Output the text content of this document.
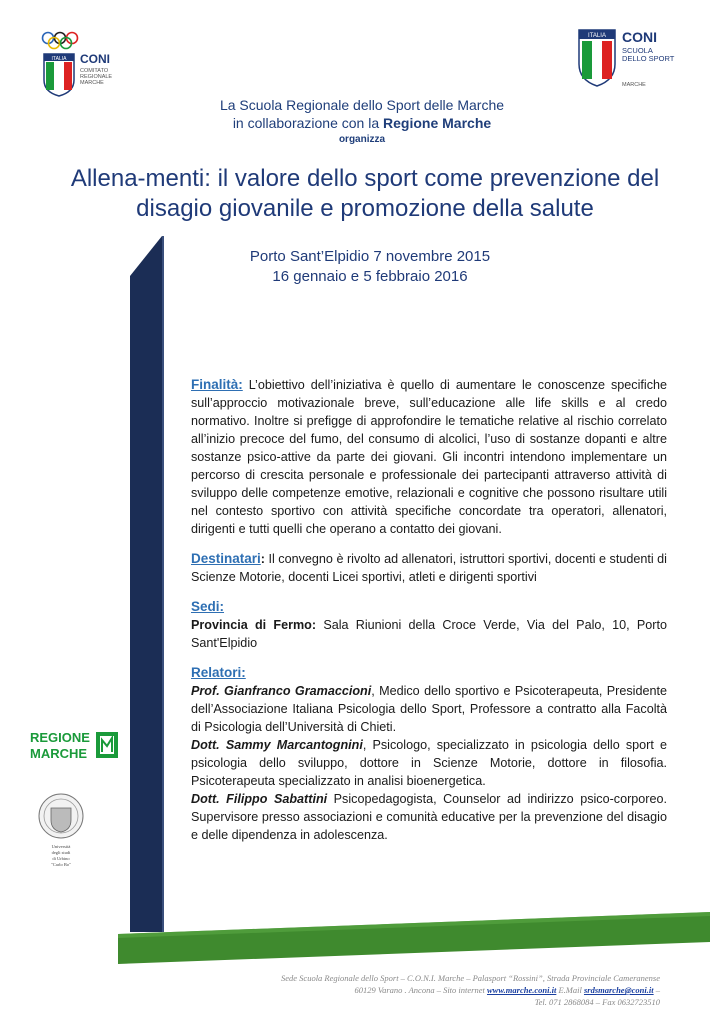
ITALIA CONI
COMITATO
REGIONALE
MARCHE
ITALIA CONI
SCUOLA
DELLO SPORT
MARCHE
La Scuola Regionale dello Sport delle Marche
in collaborazione con la Regione Marche
organizza
Allena-menti: il valore dello sport come prevenzione del
disagio giovanile e promozione della salute
Porto Sant’Elpidio 7 novembre 2015
16 gennaio e 5 febbraio 2016
Finalità: L’obiettivo dell’iniziativa è quello di aumentare le conoscenze specifiche sull’approccio motivazionale breve, sull’educazione alle life skills e al credo normativo. Inoltre si prefigge di approfondire le tematiche relative al rischio correlato all’inizio precoce del fumo, del consumo di alcolici, l’uso di sostanze dopanti e altre sostanze psico-attive da parte dei giovani. Gli incontri intendono implementare un percorso di crescita personale e professionale dei partecipanti attraverso attività di sviluppo delle competenze emotive, relazionali e cognitive che possono risultare utili nel contesto sportivo con attività specifiche concordate tra operatori, allenatori, dirigenti e tutti quelli che operano a contatto dei giovani.
Destinatari: Il convegno è rivolto ad allenatori, istruttori sportivi, docenti e studenti di Scienze Motorie, docenti Licei sportivi, atleti e dirigenti sportivi
Sedi:
Provincia di Fermo: Sala Riunioni della Croce Verde, Via del Palo, 10, Porto Sant'Elpidio
Relatori:
Prof. Gianfranco Gramaccioni, Medico dello sportivo e Psicoterapeuta, Presidente dell’Associazione Italiana Psicologia dello Sport, Professore a contratto alla Facoltà di Psicologia dell’Università di Chieti.
Dott. Sammy Marcantognini, Psicologo, specializzato in psicologia dello sport e psicologia dello sviluppo, dottore in Scienze Motorie, dottore in filosofia. Psicoterapeuta specializzato in analisi bioenergetica.
Dott. Filippo Sabattini Psicopedagogista, Counselor ad indirizzo psico-corporeo. Supervisore presso associazioni e comunità educative per la prevenzione del disagio e delle dipendenza in adolescenza.
REGIONE
MARCHE
Università
degli studi
di Urbino
"Carlo Bo"
Sede Scuola Regionale dello Sport – C.O.N.I. Marche – Palasport “Rossini”, Strada Provinciale Cameranense
60129 Varano . Ancona – Sito internet www.marche.coni.it E.Mail srdsmarche@coni.it –
Tel. 071 2868084 – Fax 0632723510
